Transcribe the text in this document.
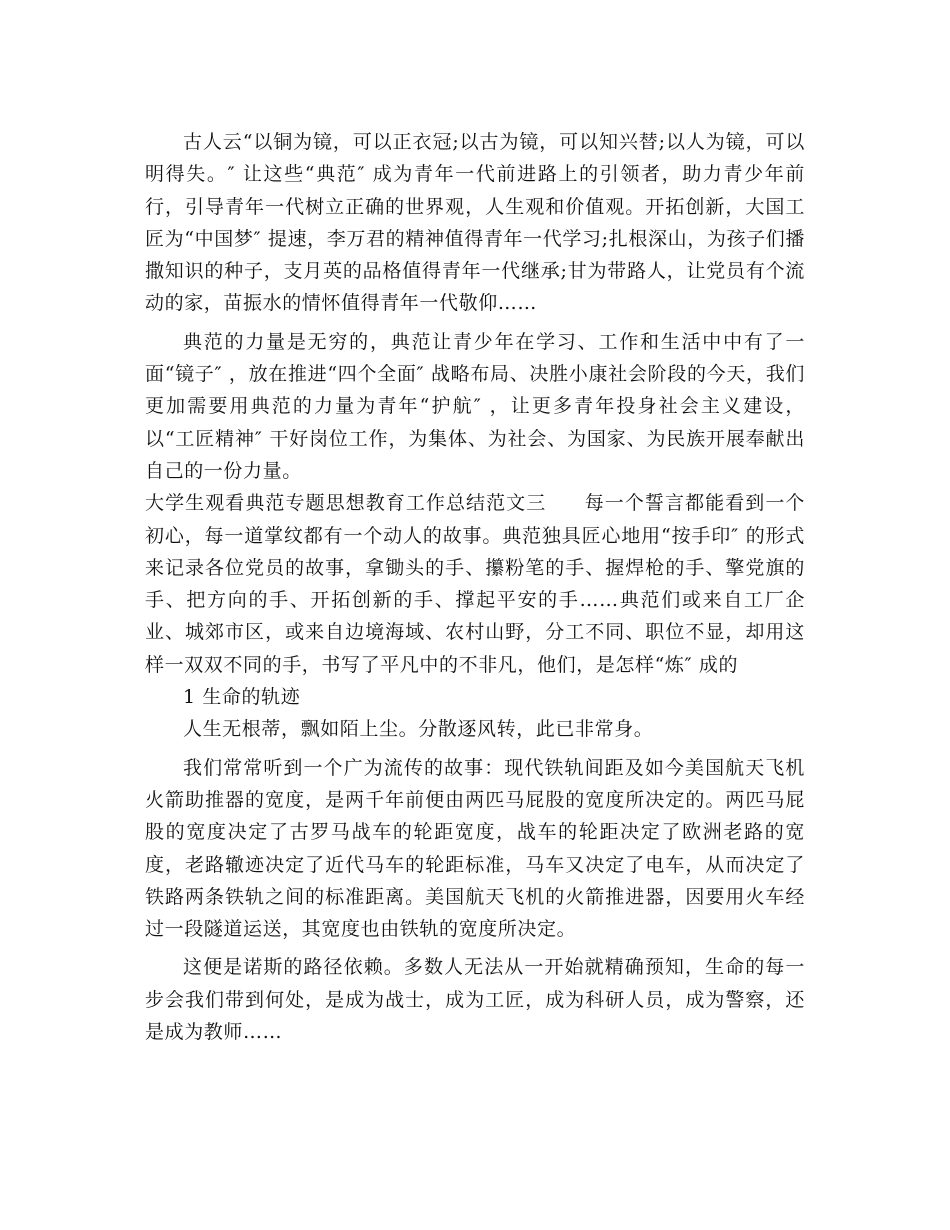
古人云“以铜为镜，可以正衣冠;以古为镜，可以知兴替;以人为镜，可以明得失。″ 让这些“典范″ 成为青年一代前进路上的引领者，助力青少年前行，引导青年一代树立正确的世界观，人生观和价值观。开拓创新，大国工匠为“中国梦″ 提速，李万君的精神值得青年一代学习;扎根深山，为孩子们播撒知识的种子，支月英的品格值得青年一代继承;甘为带路人，让党员有个流动的家，苗振水的情怀值得青年一代敬仰……

典范的力量是无穷的，典范让青少年在学习、工作和生活中中有了一面“镜子″ ，放在推进“四个全面″ 战略布局、决胜小康社会阶段的今天，我们更加需要用典范的力量为青年“护航″ ，让更多青年投身社会主义建设，以“工匠精神″ 干好岗位工作，为集体、为社会、为国家、为民族开展奉献出自己的一份力量。

大学生观看典范专题思想教育工作总结范文三 每一个誓言都能看到一个初心，每一道掌纹都有一个动人的故事。典范独具匠心地用“按手印″ 的形式来记录各位党员的故事，拿锄头的手、攥粉笔的手、握焊枪的手、擎党旗的手、把方向的手、开拓创新的手、撑起平安的手……典范们或来自工厂企业、城郊市区，或来自边境海域、农村山野，分工不同、职位不显，却用这样一双双不同的手，书写了平凡中的不非凡，他们，是怎样“炼″ 成的

1 生命的轨迹

人生无根蒂，飘如陌上尘。分散逐风转，此已非常身。

我们常常听到一个广为流传的故事：现代铁轨间距及如今美国航天飞机火箭助推器的宽度，是两千年前便由两匹马屁股的宽度所决定的。两匹马屁股的宽度决定了古罗马战车的轮距宽度，战车的轮距决定了欧洲老路的宽度，老路辙迹决定了近代马车的轮距标准，马车又决定了电车，从而决定了铁路两条铁轨之间的标准距离。美国航天飞机的火箭推进器，因要用火车经过一段隧道运送，其宽度也由铁轨的宽度所决定。

这便是诺斯的路径依赖。多数人无法从一开始就精确预知，生命的每一步会我们带到何处，是成为战士，成为工匠，成为科研人员，成为警察，还是成为教师……
